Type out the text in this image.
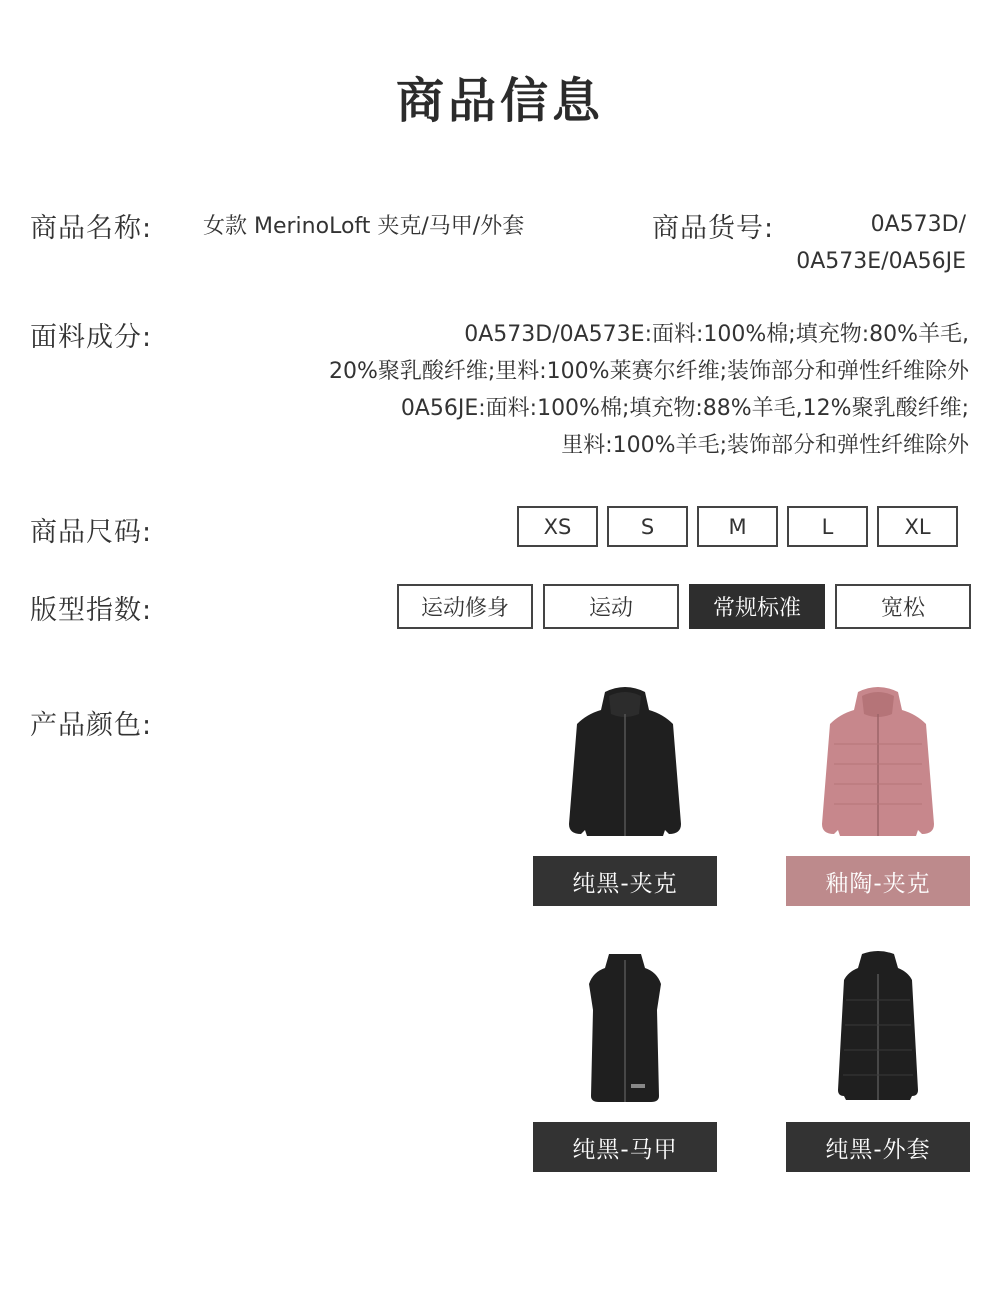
商品信息
商品名称: 女款 MerinoLoft 夹克/马甲/外套	商品货号:	0A573D/
0A573E/0A56JE
面料成分:	0A573D/0A573E:面料:100%棉;填充物:80%羊毛,
20%聚乳酸纤维;里料:100%莱赛尔纤维;装饰部分和弹性纤维除外
0A56JE:面料:100%棉;填充物:88%羊毛,12%聚乳酸纤维;
里料:100%羊毛;装饰部分和弹性纤维除外
商品尺码:	XS	S	M	L	XL
版型指数:	运动修身	运动	常规标准	宽松
产品颜色:
纯黑-夹克	釉陶-夹克
纯黑-马甲	纯黑-外套
